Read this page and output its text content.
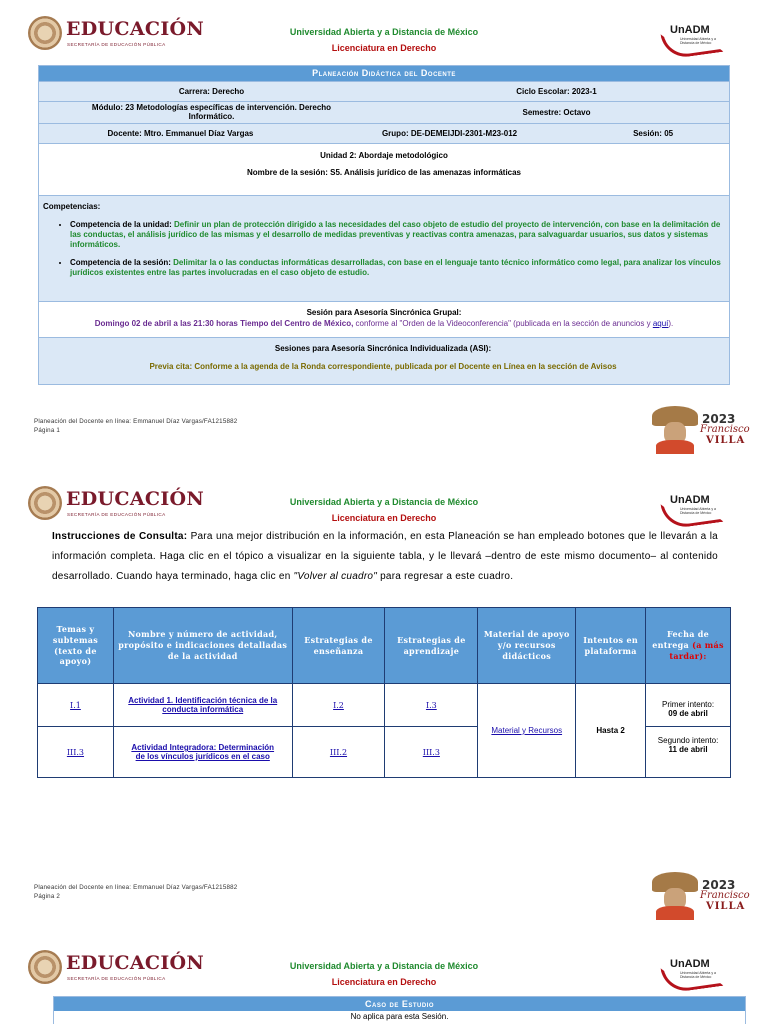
EDUCACIÓN
SECRETARÍA DE EDUCACIÓN PÚBLICA
Universidad Abierta y a Distancia de México
Licenciatura en Derecho
UnADM
Universidad Abierta y a Distancia de México
Planeación Didáctica del Docente
Carrera: Derecho	Ciclo Escolar: 2023-1
Módulo: 23 Metodologías específicas de intervención. Derecho Informático.	Semestre: Octavo
Docente: Mtro. Emmanuel Díaz Vargas	Grupo: DE-DEMEIJDI-2301-M23-012	Sesión: 05
Unidad 2: Abordaje metodológico
Nombre de la sesión: S5. Análisis jurídico de las amenazas informáticas
Competencias:
• Competencia de la unidad: Definir un plan de protección dirigido a las necesidades del caso objeto de estudio del proyecto de intervención, con base en la delimitación de las conductas, el análisis jurídico de las mismas y el desarrollo de medidas preventivas y reactivas contra amenazas, para salvaguardar usuarios, sus datos y sistemas informáticos.
• Competencia de la sesión: Delimitar la o las conductas informáticas desarrolladas, con base en el lenguaje tanto técnico informático como legal, para analizar los vínculos jurídicos existentes entre las partes involucradas en el caso objeto de estudio.
Sesión para Asesoría Sincrónica Grupal:
Domingo 02 de abril a las 21:30 horas Tiempo del Centro de México, conforme al "Orden de la Videoconferencia" (publicada en la sección de anuncios y aquí).
Sesiones para Asesoría Sincrónica Individualizada (ASI):
Previa cita: Conforme a la agenda de la Ronda correspondiente, publicada por el Docente en Línea en la sección de Avisos
Planeación del Docente en línea: Emmanuel Díaz Vargas/FA1215882
Página 1
2023
Francisco
VILLA
EDUCACIÓN
SECRETARÍA DE EDUCACIÓN PÚBLICA
Universidad Abierta y a Distancia de México
Licenciatura en Derecho
UnADM
Universidad Abierta y a Distancia de México
Instrucciones de Consulta: Para una mejor distribución en la información, en esta Planeación se han empleado botones que le llevarán a la información completa. Haga clic en el tópico a visualizar en la siguiente tabla, y le llevará –dentro de este mismo documento– al contenido desarrollado. Cuando haya terminado, haga clic en "Volver al cuadro" para regresar a este cuadro.
Temas y subtemas (texto de apoyo)	Nombre y número de actividad, propósito e indicaciones detalladas de la actividad	Estrategias de enseñanza	Estrategias de aprendizaje	Material de apoyo y/o recursos didácticos	Intentos en plataforma	Fecha de entrega (a más tardar):
I.1	Actividad 1. Identificación técnica de la conducta informática	I.2	I.3	Material y Recursos	Hasta 2	Primer intento:
09 de abril

III.3	Actividad Integradora: Determinación de los vínculos jurídicos en el caso	III.2	III.3			Segundo intento:
11 de abril
Planeación del Docente en línea: Emmanuel Díaz Vargas/FA1215882
Página 2
2023
Francisco
VILLA
EDUCACIÓN
SECRETARÍA DE EDUCACIÓN PÚBLICA
Universidad Abierta y a Distancia de México
Licenciatura en Derecho
UnADM
Universidad Abierta y a Distancia de México
Caso de Estudio
No aplica para esta Sesión.
